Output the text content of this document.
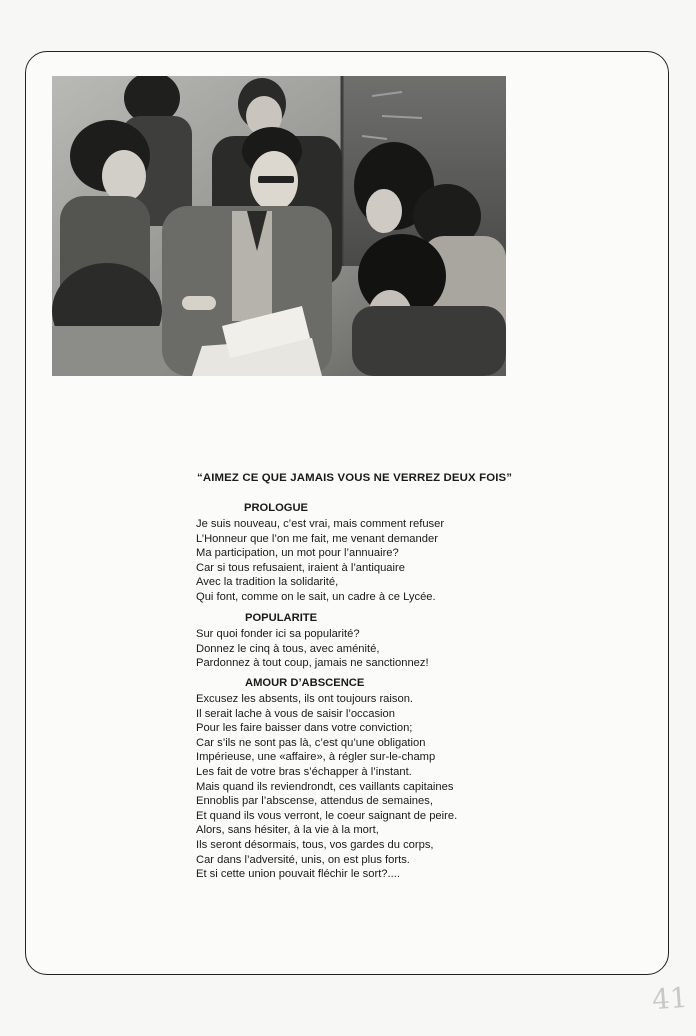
“AIMEZ CE QUE JAMAIS VOUS NE VERREZ DEUX FOIS”
PROLOGUE
Je suis nouveau, c’est vrai, mais comment refuser
L’Honneur que l’on me fait, me venant demander
Ma participation, un mot pour l’annuaire?
Car si tous refusaient, iraient à l’antiquaire
Avec la tradition la solidarité,
Qui font, comme on le sait, un cadre à ce Lycée.
POPULARITE
Sur quoi fonder ici sa popularité?
Donnez le cinq à tous, avec aménité,
Pardonnez à tout coup, jamais ne sanctionnez!
AMOUR D’ABSCENCE
Excusez les absents, ils ont toujours raison.
Il serait lache à vous de saisir l’occasion
Pour les faire baisser dans votre conviction;
Car s’ils ne sont pas là, c’est qu’une obligation
Impérieuse, une «affaire», à régler sur-le-champ
Les fait de votre bras s’échapper à l’instant.
Mais quand ils reviendrondt, ces vaillants capitaines
Ennoblis par l’abscense, attendus de semaines,
Et quand ils vous verront, le coeur saignant de peire.
Alors, sans hésiter, à la vie à la mort,
Ils seront désormais, tous, vos gardes du corps,
Car dans l’adversité, unis, on est plus forts.
Et si cette union pouvait fléchir le sort?....
41
